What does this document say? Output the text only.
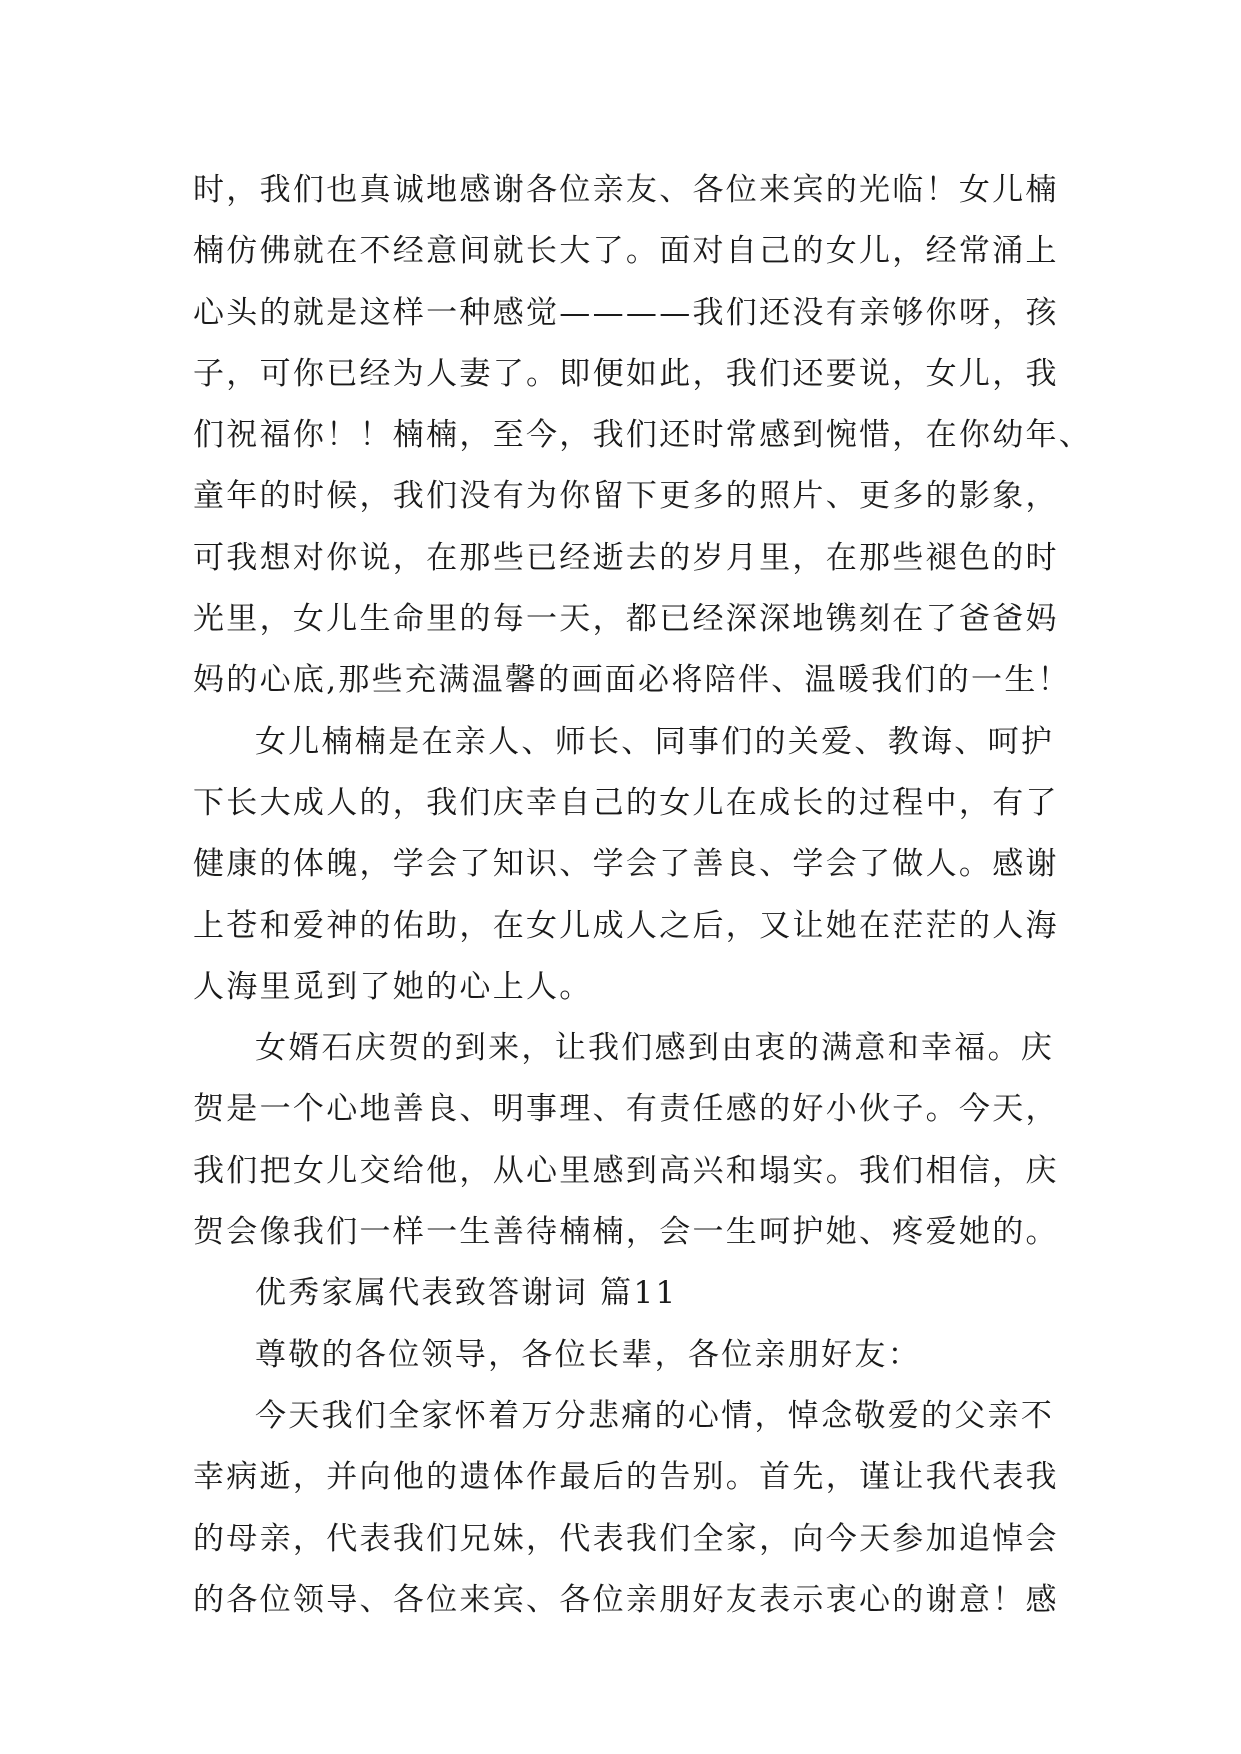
时，我们也真诚地感谢各位亲友、各位来宾的光临！女儿楠
楠仿佛就在不经意间就长大了。面对自己的女儿，经常涌上
心头的就是这样一种感觉————我们还没有亲够你呀，孩
子，可你已经为人妻了。即便如此，我们还要说，女儿，我
们祝福你！！楠楠，至今，我们还时常感到惋惜，在你幼年、
童年的时候，我们没有为你留下更多的照片、更多的影象，
可我想对你说，在那些已经逝去的岁月里，在那些褪色的时
光里，女儿生命里的每一天，都已经深深地镌刻在了爸爸妈
妈的心底,那些充满温馨的画面必将陪伴、温暖我们的一生！
女儿楠楠是在亲人、师长、同事们的关爱、教诲、呵护
下长大成人的，我们庆幸自己的女儿在成长的过程中，有了
健康的体魄，学会了知识、学会了善良、学会了做人。感谢
上苍和爱神的佑助，在女儿成人之后，又让她在茫茫的人海
人海里觅到了她的心上人。
女婿石庆贺的到来，让我们感到由衷的满意和幸福。庆
贺是一个心地善良、明事理、有责任感的好小伙子。今天，
我们把女儿交给他，从心里感到高兴和塌实。我们相信，庆
贺会像我们一样一生善待楠楠，会一生呵护她、疼爱她的。
优秀家属代表致答谢词 篇11
尊敬的各位领导，各位长辈，各位亲朋好友：
今天我们全家怀着万分悲痛的心情，悼念敬爱的父亲不
幸病逝，并向他的遗体作最后的告别。首先，谨让我代表我
的母亲，代表我们兄妹，代表我们全家，向今天参加追悼会
的各位领导、各位来宾、各位亲朋好友表示衷心的谢意！感
